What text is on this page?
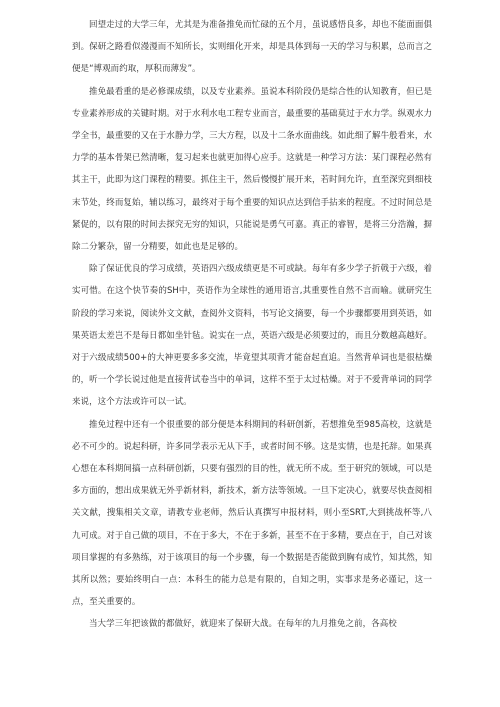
回望走过的大学三年，尤其是为准备推免而忙碌的五个月，虽说感悟良多，却也不能面面俱到。保研之路看似漫漫而不知所长，实则细化开来，却是具体到每一天的学习与积累，总而言之便是“博观而约取，厚积而薄发”。

推免最看重的是必修课成绩，以及专业素养。虽说本科阶段仍是综合性的认知教育，但已是专业素养形成的关键时期。对于水利水电工程专业而言，最重要的基础莫过于水力学。纵观水力学全书，最重要的又在于水静力学，三大方程，以及十二条水面曲线。如此细了解牛般看来，水力学的基本骨架已然清晰，复习起来也就更加得心应手。这就是一种学习方法：某门课程必然有其主干，此即为这门课程的精要。抓住主干，然后慢慢扩展开来，若时间允许，直至深究到细枝末节处，终而复始，辅以练习，最终对于每个重要的知识点达到信手拈来的程度。不过时间总是紧促的，以有限的时间去探究无穷的知识，只能说是勇气可嘉。真正的睿智，是将三分浩瀚，摒除二分繁杂，留一分精要，如此也是足够的。

除了保证优良的学习成绩，英语四六级成绩更是不可或缺。每年有多少学子折戟于六级，着实可惜。在这个快节奏的SH中，英语作为全球性的通用语言,其重要性自然不言而喻。就研究生阶段的学习来说，阅读外文文献，查阅外文资料，书写论文摘要，每一个步骤都要用到英语，如果英语太差岂不是每日都如坐针毡。说实在一点，英语六级是必须要过的，而且分数越高越好。对于六级成绩500+的大神更要多多交流，毕竟望其项背才能奋起直追。当然背单词也是很枯燥的，听一个学长说过他是直接背试卷当中的单词，这样不至于太过枯燥。对于不爱背单词的同学来说，这个方法或许可以一试。

推免过程中还有一个很重要的部分便是本科期间的科研创新，若想推免至985高校，这就是必不可少的。说起科研，许多同学表示无从下手，或者时间不够。这是实情，也是托辞。如果真心想在本科期间搞一点科研创新，只要有强烈的目的性，就无所不成。至于研究的领域，可以是多方面的，想出成果就无外乎新材料，新技术，新方法等领域。一旦下定决心，就要尽快查阅相关文献，搜集相关文章，请教专业老师，然后认真撰写申报材料，则小至SRT,大到挑战杯等,八九可成。对于自己做的项目，不在于多大，不在于多新，甚至不在于多精，要点在于，自己对该项目掌握的有多熟练，对于该项目的每一个步骤，每一个数据是否能做到胸有成竹，知其然，知其所以然；要始终明白一点：本科生的能力总是有限的，自知之明，实事求是务必谨记，这一点，至关重要的。

当大学三年把该做的都做好，就迎来了保研大战。在每年的九月推免之前，各高校
